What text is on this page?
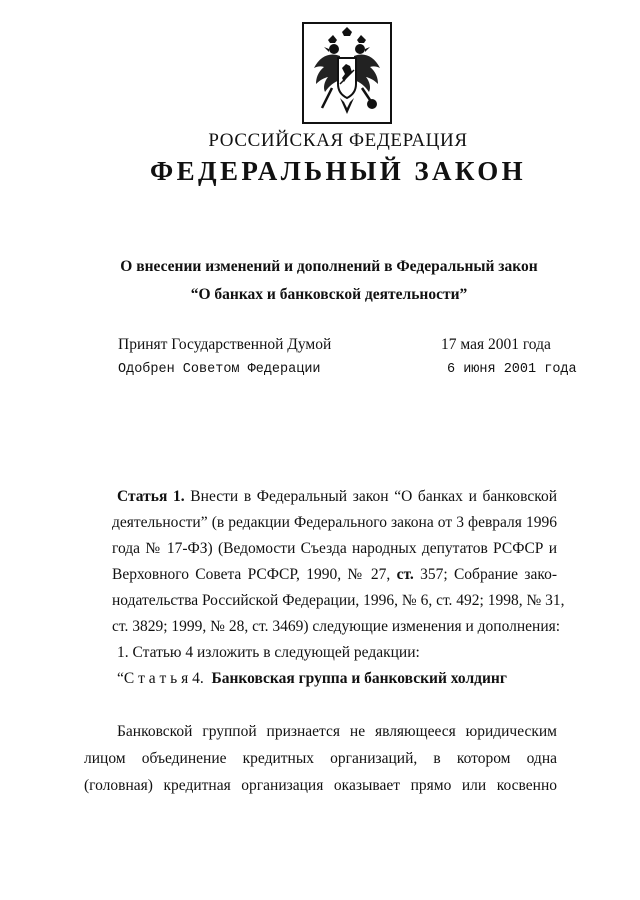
РОССИЙСКАЯ ФЕДЕРАЦИЯ
ФЕДЕРАЛЬНЫЙ ЗАКОН
О внесении изменений и дополнений в Федеральный закон
“О банках и банковской деятельности”
Принят Государственной Думой	17 мая 2001 года
Одобрен Советом Федерации	6 июня 2001 года
Статья 1. Внести в Федеральный закон “О банках и банковской
деятельности” (в редакции Федерального закона от 3 февраля 1996
года № 17-ФЗ) (Ведомости Съезда народных депутатов РСФСР и
Верховного Совета РСФСР, 1990, № 27, ст. 357; Собрание зако-
нодательства Российской Федерации, 1996, № 6, ст. 492; 1998, № 31,
ст. 3829; 1999, № 28, ст. 3469) следующие изменения и дополнения:
1. Статью 4 изложить в следующей редакции:
“С т а т ь я 4. Банковская группа и банковский холдинг
Банковской группой признается не являющееся юридическим
лицом объединение кредитных организаций, в котором одна
(головная) кредитная организация оказывает прямо или косвенно
